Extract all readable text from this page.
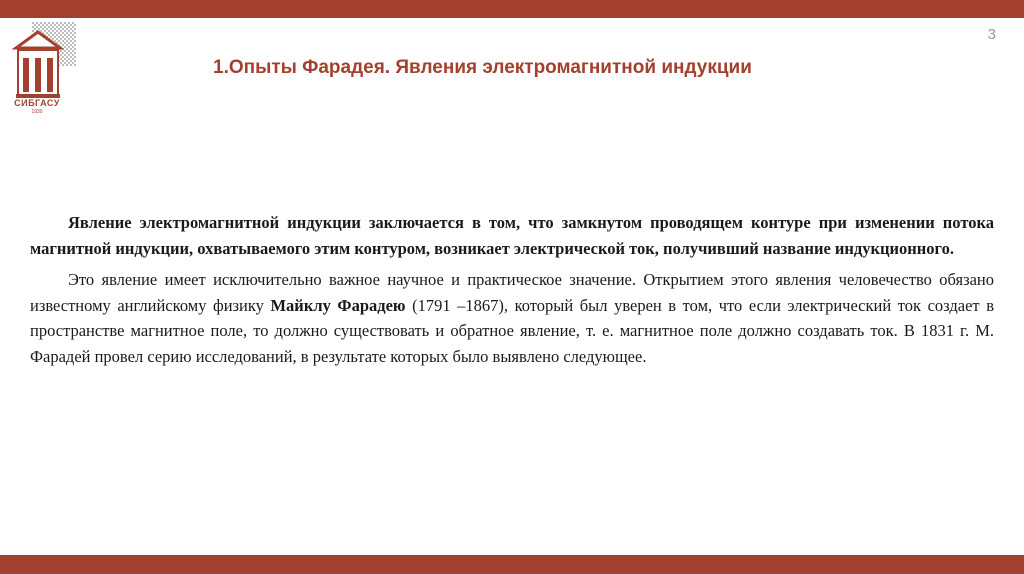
3
СИБГАСУ
1930
1.Опыты Фарадея. Явления электромагнитной индукции

Явление электромагнитной индукции заключается в том, что замкнутом проводящем контуре при изменении потока магнитной индукции, охватываемого этим контуром, возникает электрической ток, получивший название индукционного.

Это явление имеет исключительно важное научное и практическое значение. Открытием этого явления человечество обязано известному английскому физику Майклу Фарадею (1791 –1867), который был уверен в том, что если электрический ток создает в пространстве магнитное поле, то должно существовать и обратное явление, т. е. магнитное поле должно создавать ток. В 1831 г. М. Фарадей провел серию исследований, в результате которых было выявлено следующее.
